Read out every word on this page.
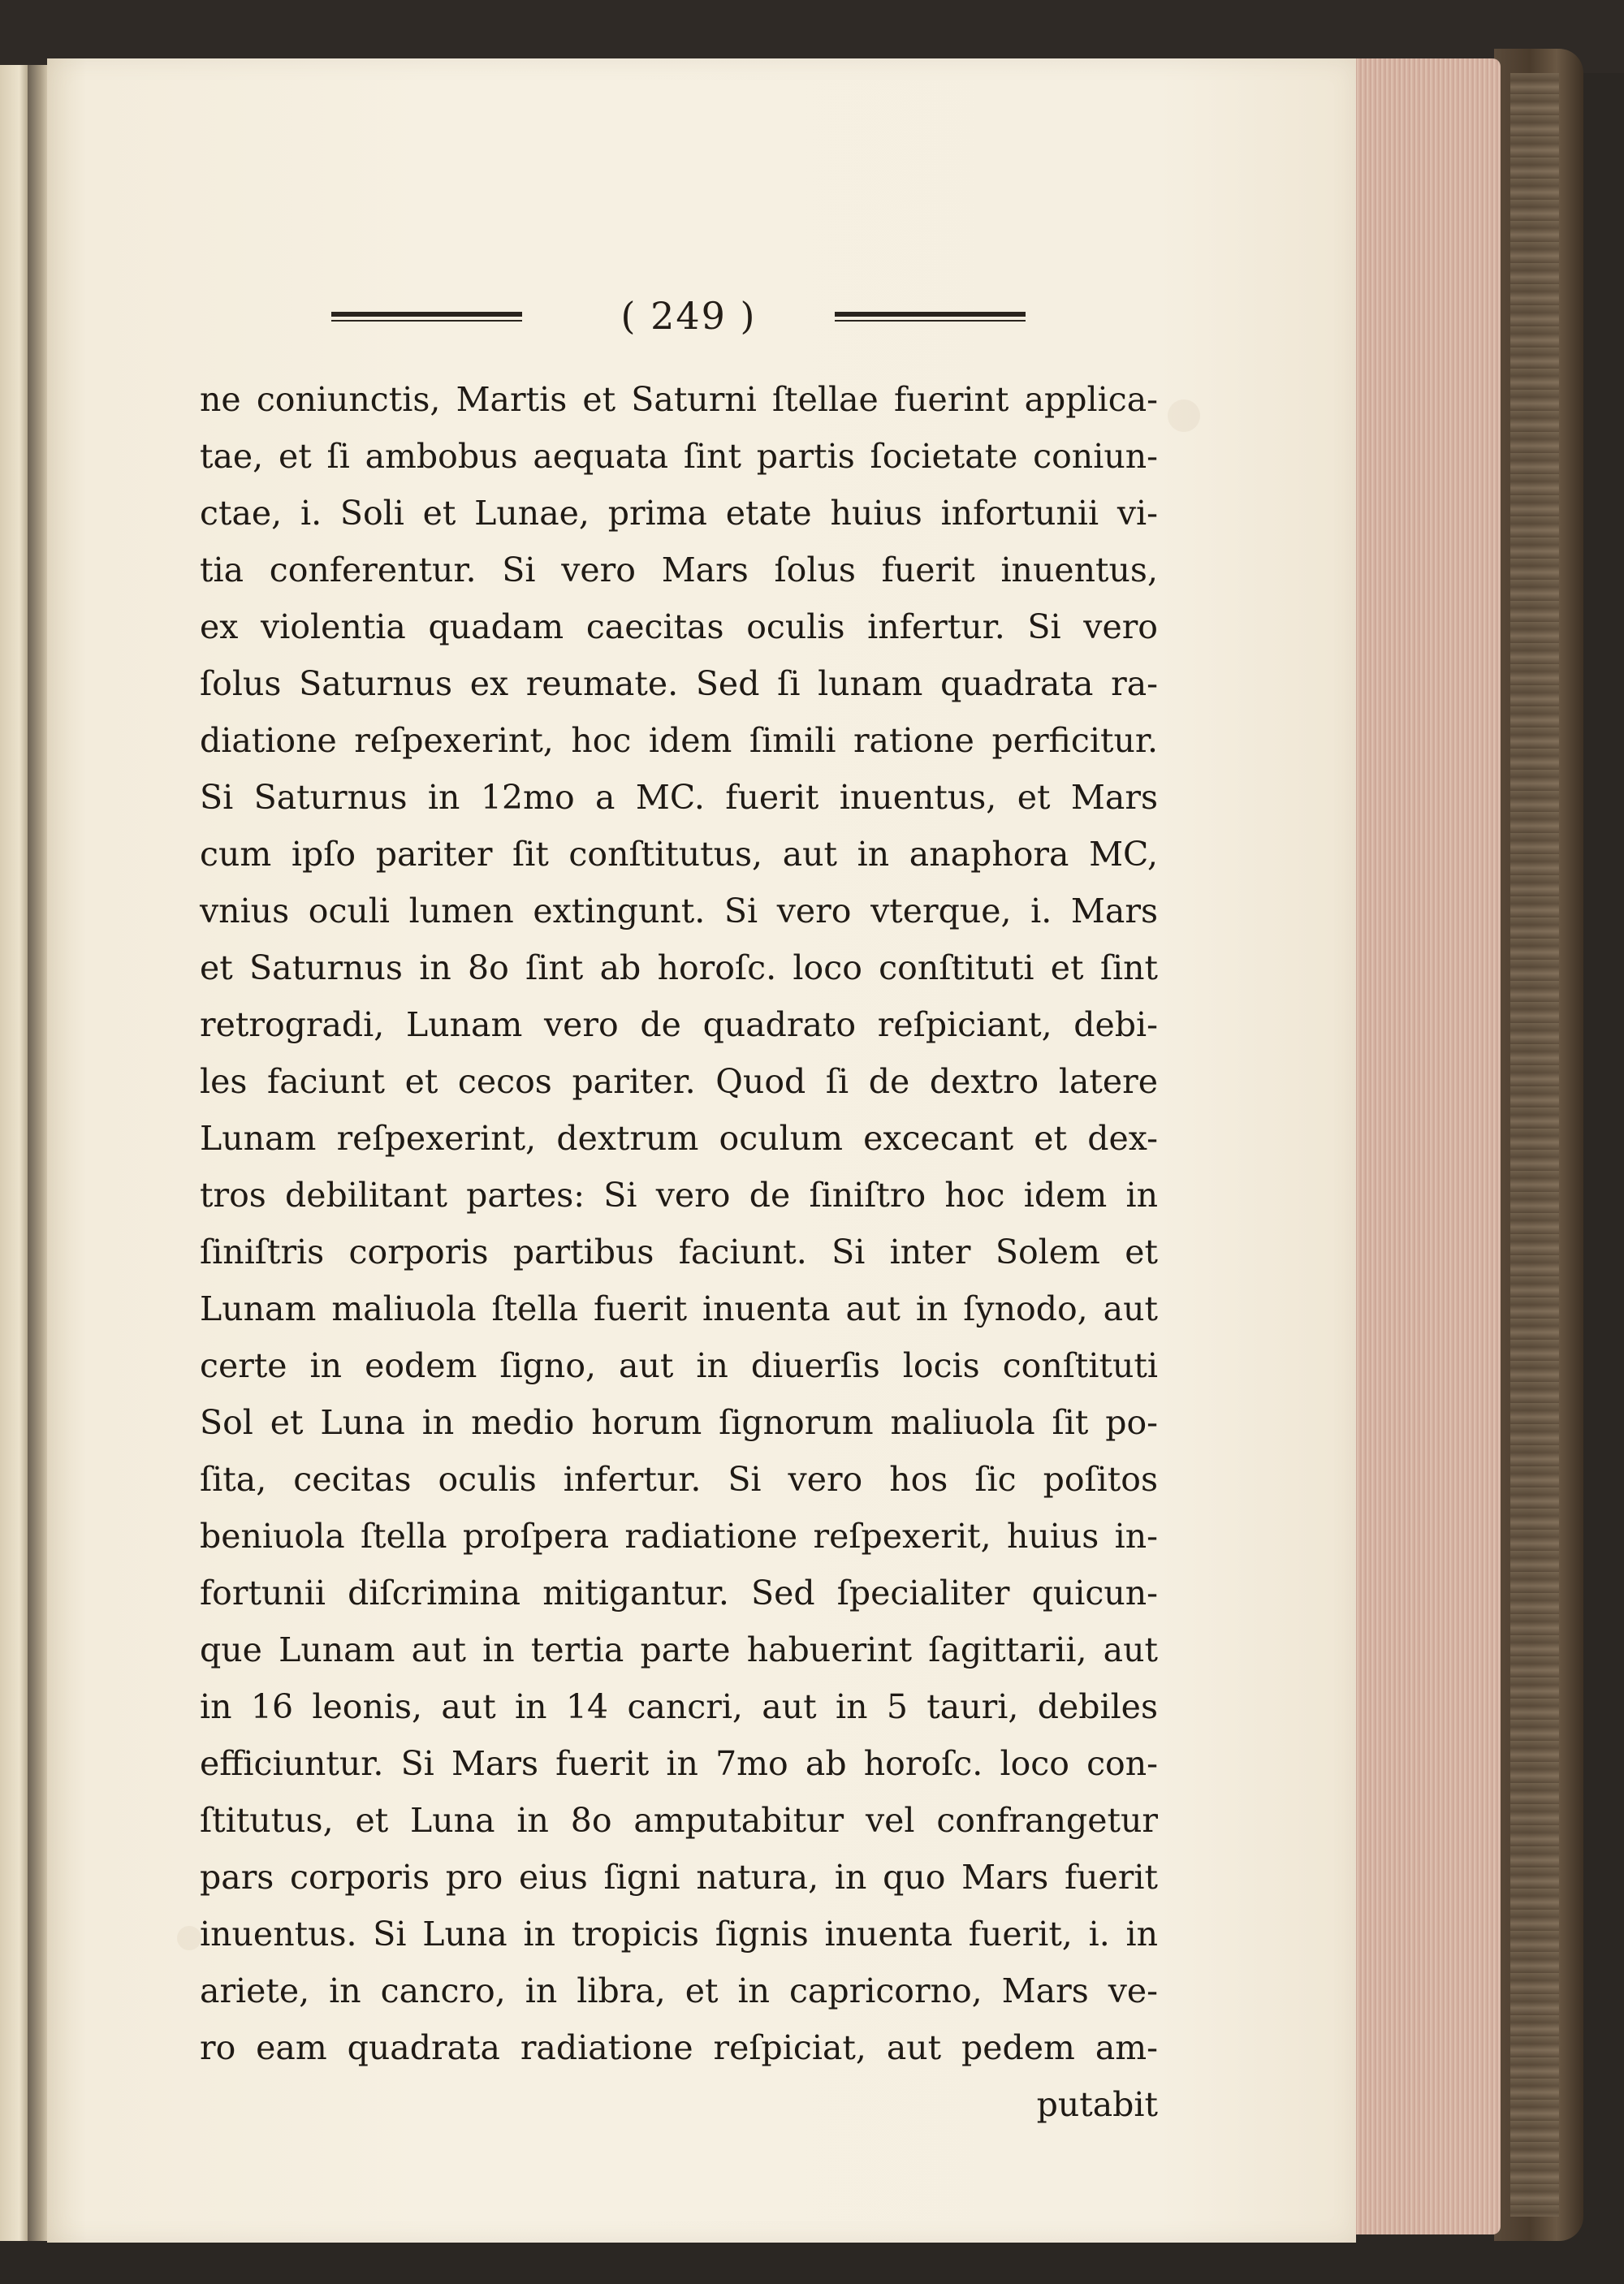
( 249 )
ne coniunctis, Martis et Saturni ſtellae fuerint applica-
tae, et ſi ambobus aequata ſint partis ſocietate coniun-
ctae, i. Soli et Lunae, prima etate huius infortunii vi-
tia conferentur. Si vero Mars ſolus fuerit inuentus,
ex violentia quadam caecitas oculis infertur. Si vero
ſolus Saturnus ex reumate. Sed ſi lunam quadrata ra-
diatione reſpexerint, hoc idem ſimili ratione perficitur.
Si Saturnus in 12mo a MC. fuerit inuentus, et Mars
cum ipſo pariter ſit conſtitutus, aut in anaphora MC,
vnius oculi lumen extingunt. Si vero vterque, i. Mars
et Saturnus in 8o ſint ab horoſc. loco conſtituti et ſint
retrogradi, Lunam vero de quadrato reſpiciant, debi-
les faciunt et cecos pariter. Quod ſi de dextro latere
Lunam reſpexerint, dextrum oculum excecant et dex-
tros debilitant partes: Si vero de ſiniſtro hoc idem in
ſiniſtris corporis partibus faciunt. Si inter Solem et
Lunam maliuola ſtella fuerit inuenta aut in ſynodo, aut
certe in eodem ſigno, aut in diuerſis locis conſtituti
Sol et Luna in medio horum ſignorum maliuola ſit po-
ſita, cecitas oculis infertur. Si vero hos ſic poſitos
beniuola ſtella proſpera radiatione reſpexerit, huius in-
fortunii diſcrimina mitigantur. Sed ſpecialiter quicun-
que Lunam aut in tertia parte habuerint ſagittarii, aut
in 16 leonis, aut in 14 cancri, aut in 5 tauri, debiles
efficiuntur. Si Mars fuerit in 7mo ab horoſc. loco con-
ſtitutus, et Luna in 8o amputabitur vel confrangetur
pars corporis pro eius ſigni natura, in quo Mars fuerit
inuentus. Si Luna in tropicis ſignis inuenta fuerit, i. in
ariete, in cancro, in libra, et in capricorno, Mars ve-
ro eam quadrata radiatione reſpiciat, aut pedem am-
putabit
